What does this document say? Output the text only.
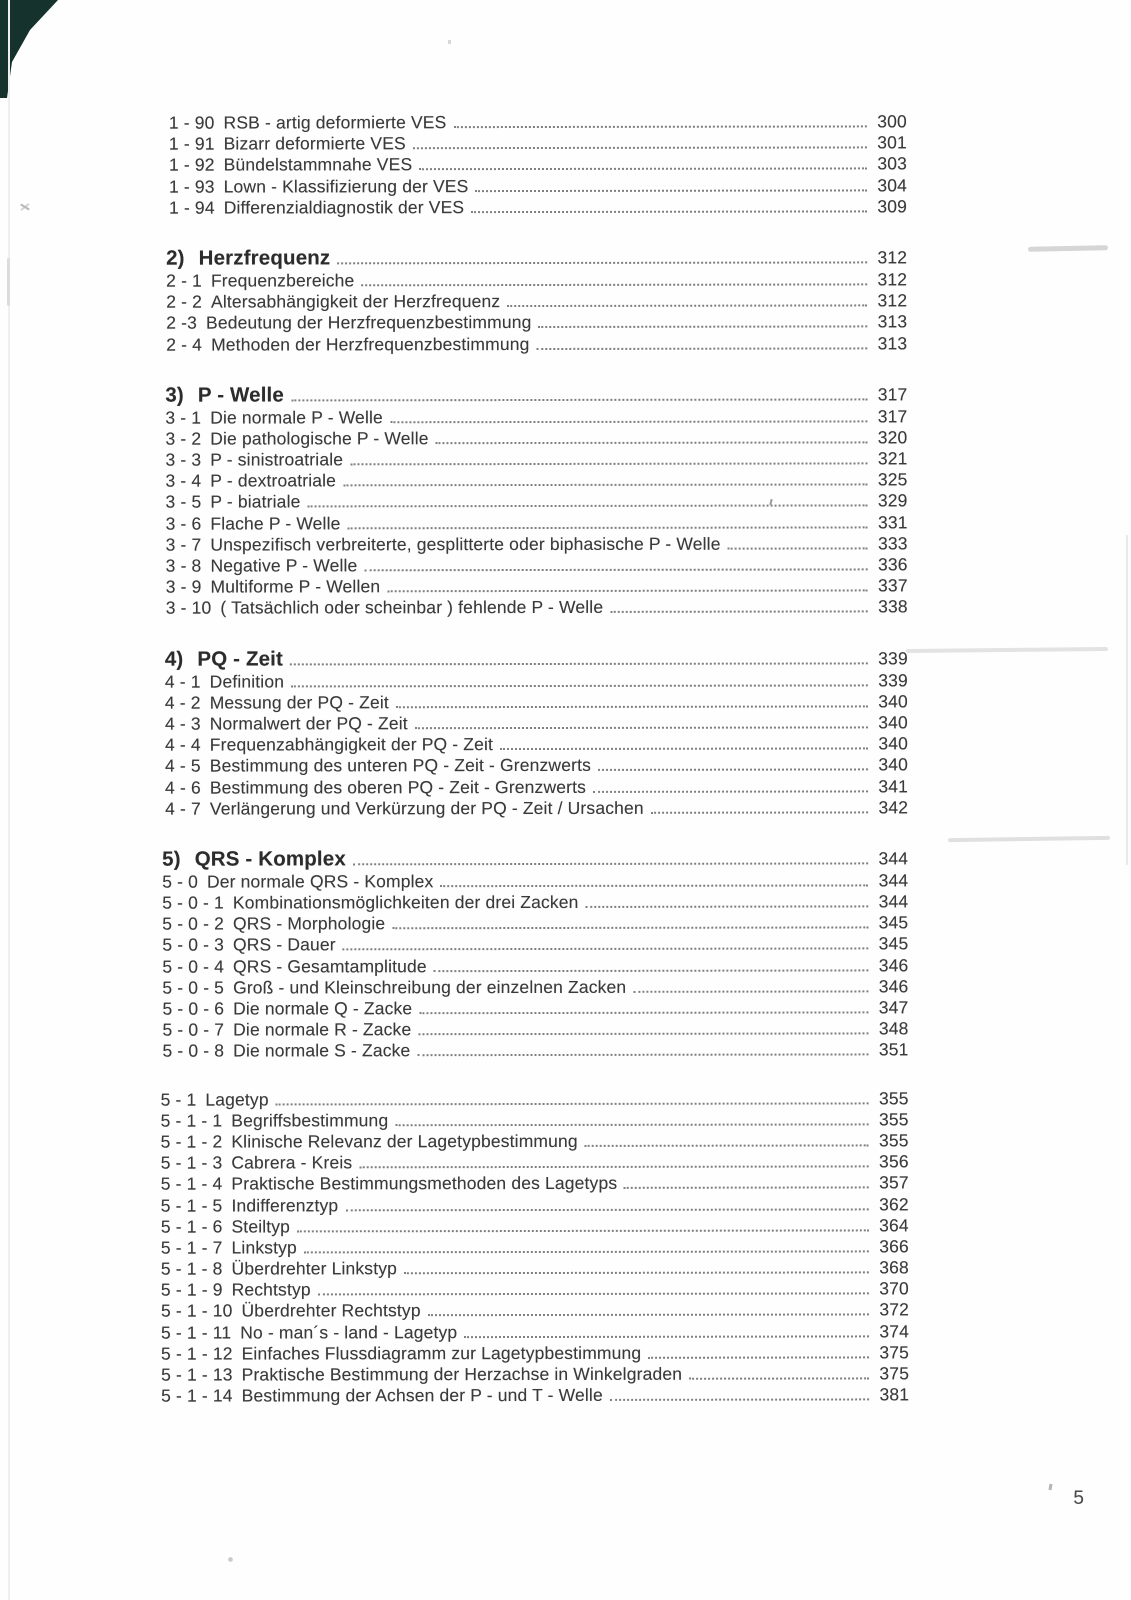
1 - 90 RSB - artig deformierte VES	300
1 - 91 Bizarr deformierte VES	301
1 - 92 Bündelstammnahe VES	303
1 - 93 Lown - Klassifizierung der VES	304
1 - 94 Differenzialdiagnostik der VES	309
2) Herzfrequenz	312
2 - 1 Frequenzbereiche	312
2 - 2 Altersabhängigkeit der Herzfrequenz	312
2 -3 Bedeutung der Herzfrequenzbestimmung	313
2 - 4 Methoden der Herzfrequenzbestimmung	313
3) P - Welle	317
3 - 1 Die normale P - Welle	317
3 - 2 Die pathologische P - Welle	320
3 - 3 P - sinistroatriale	321
3 - 4 P - dextroatriale	325
3 - 5 P - biatriale	329
3 - 6 Flache P - Welle	331
3 - 7 Unspezifisch verbreiterte, gesplitterte oder biphasische P - Welle	333
3 - 8 Negative P - Welle	336
3 - 9 Multiforme P - Wellen	337
3 - 10 ( Tatsächlich oder scheinbar ) fehlende P - Welle	338
4) PQ - Zeit	339
4 - 1 Definition	339
4 - 2 Messung der PQ - Zeit	340
4 - 3 Normalwert der PQ - Zeit	340
4 - 4 Frequenzabhängigkeit der PQ - Zeit	340
4 - 5 Bestimmung des unteren PQ - Zeit - Grenzwerts	340
4 - 6 Bestimmung des oberen PQ - Zeit - Grenzwerts	341
4 - 7 Verlängerung und Verkürzung der PQ - Zeit / Ursachen	342
5) QRS - Komplex	344
5 - 0 Der normale QRS - Komplex	344
5 - 0 - 1 Kombinationsmöglichkeiten der drei Zacken	344
5 - 0 - 2 QRS - Morphologie	345
5 - 0 - 3 QRS - Dauer	345
5 - 0 - 4 QRS - Gesamtamplitude	346
5 - 0 - 5 Groß - und Kleinschreibung der einzelnen Zacken	346
5 - 0 - 6 Die normale Q - Zacke	347
5 - 0 - 7 Die normale R - Zacke	348
5 - 0 - 8 Die normale S - Zacke	351
5 - 1 Lagetyp	355
5 - 1 - 1 Begriffsbestimmung	355
5 - 1 - 2 Klinische Relevanz der Lagetypbestimmung	355
5 - 1 - 3 Cabrera - Kreis	356
5 - 1 - 4 Praktische Bestimmungsmethoden des Lagetyps	357
5 - 1 - 5 Indifferenztyp	362
5 - 1 - 6 Steiltyp	364
5 - 1 - 7 Linkstyp	366
5 - 1 - 8 Überdrehter Linkstyp	368
5 - 1 - 9 Rechtstyp	370
5 - 1 - 10 Überdrehter Rechtstyp	372
5 - 1 - 11 No - man´s - land - Lagetyp	374
5 - 1 - 12 Einfaches Flussdiagramm zur Lagetypbestimmung	375
5 - 1 - 13 Praktische Bestimmung der Herzachse in Winkelgraden	375
5 - 1 - 14 Bestimmung der Achsen der P - und T - Welle	381
5
